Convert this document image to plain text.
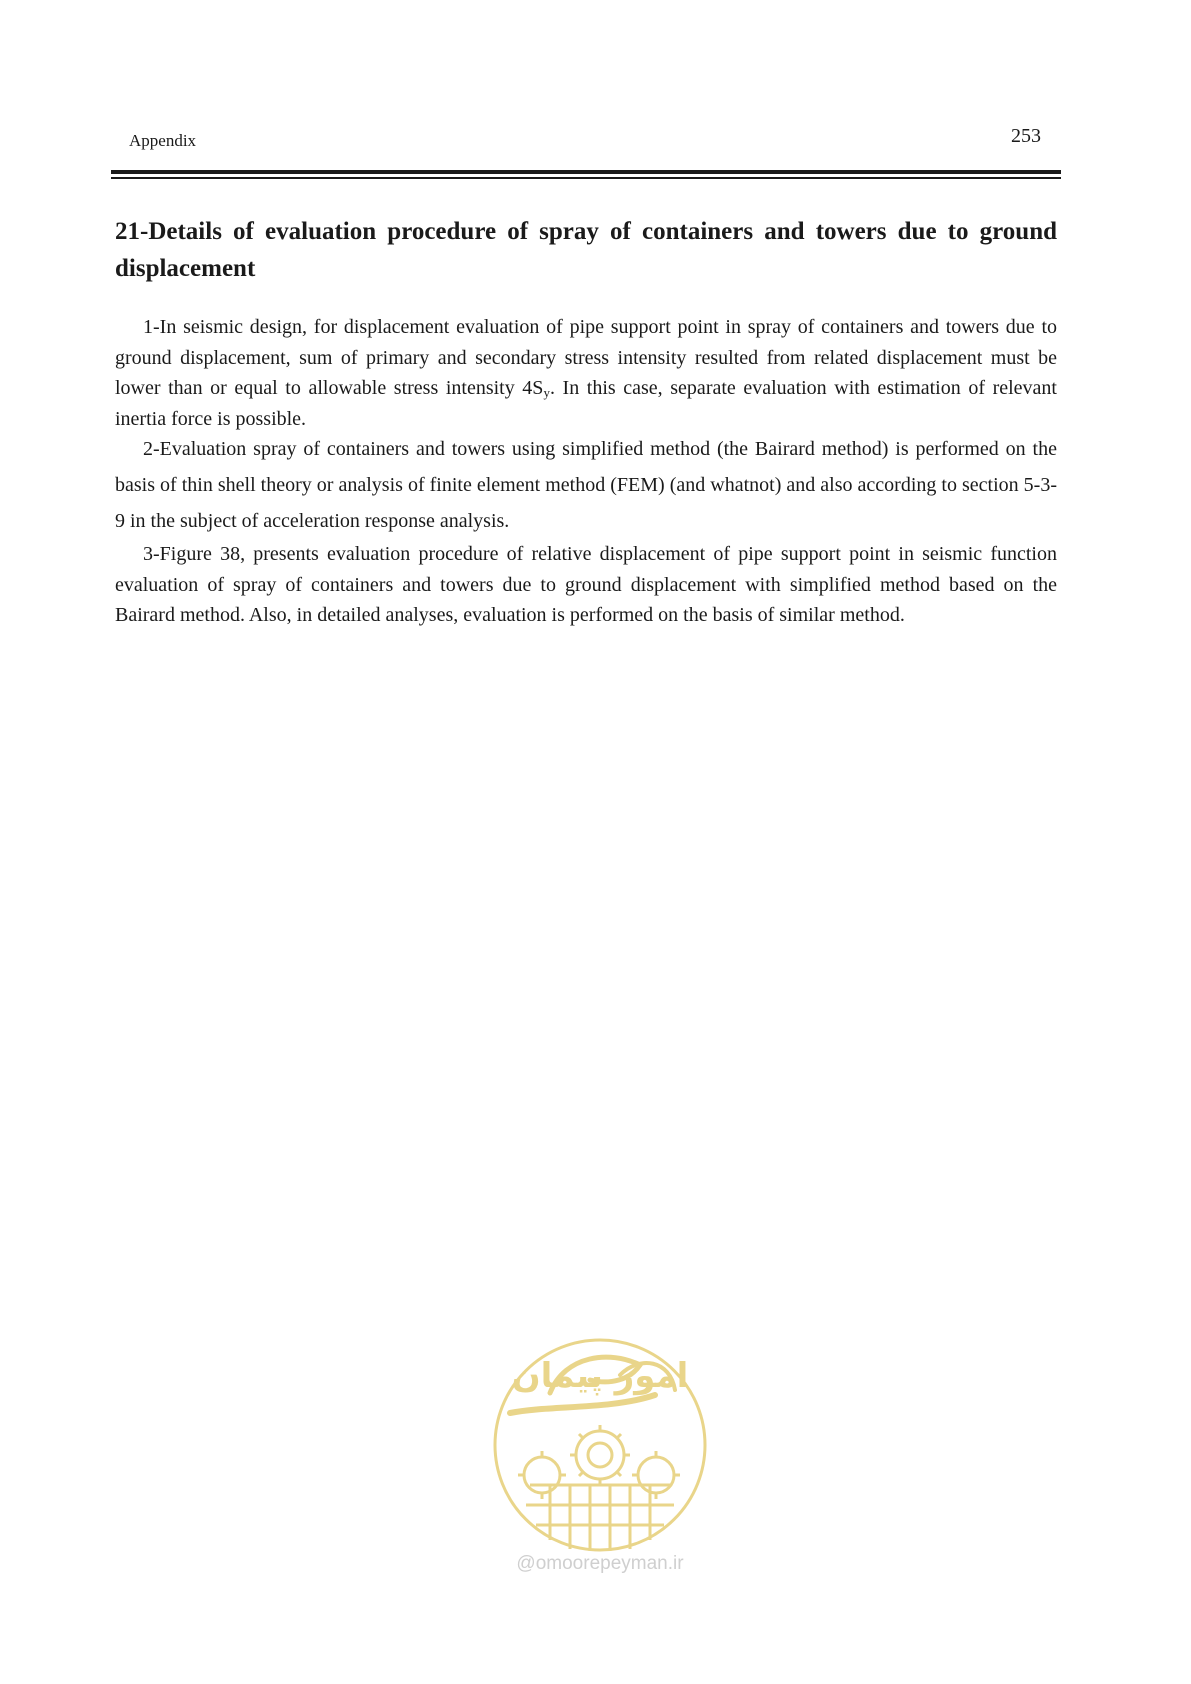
Appendix	253
21-Details of evaluation procedure of spray of containers and towers due to ground displacement

1-In seismic design, for displacement evaluation of pipe support point in spray of containers and towers due to ground displacement, sum of primary and secondary stress intensity resulted from related displacement must be lower than or equal to allowable stress intensity $4S_y$. In this case, separate evaluation with estimation of relevant inertia force is possible.

2-Evaluation spray of containers and towers using simplified method (the Bairard method) is performed on the basis of thin shell theory or analysis of finite element method (FEM) (and whatnot) and also according to section 5-3-9 in the subject of acceleration response analysis.

3-Figure 38, presents evaluation procedure of relative displacement of pipe support point in seismic function evaluation of spray of containers and towers due to ground displacement with simplified method based on the Bairard method. Also, in detailed analyses, evaluation is performed on the basis of similar method.

امور پیمان
@omoorepeyman.ir
